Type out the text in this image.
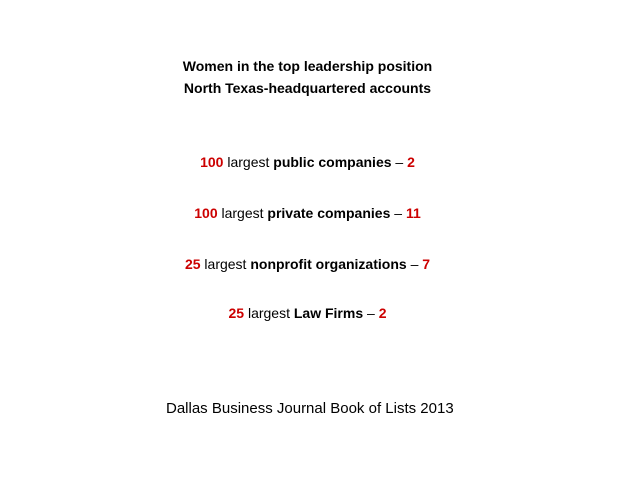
Women in the top leadership position
North Texas-headquartered accounts
100 largest public companies – 2
100 largest private companies – 11
25 largest nonprofit organizations – 7
25 largest Law Firms – 2
Dallas Business Journal Book of Lists 2013
